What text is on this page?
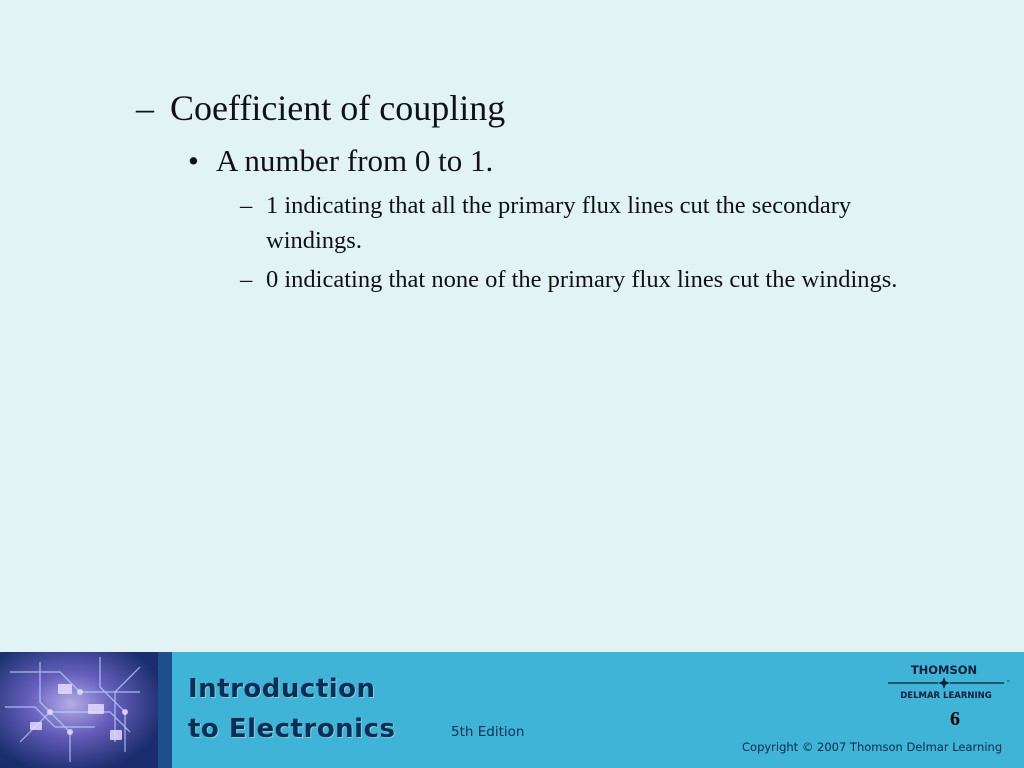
– Coefficient of coupling
• A number from 0 to 1.
– 1 indicating that all the primary flux lines cut the secondary windings.
– 0 indicating that none of the primary flux lines cut the windings.
Introduction
to Electronics	5th Edition
THOMSON
™
DELMAR LEARNING
6
Copyright © 2007 Thomson Delmar Learning
